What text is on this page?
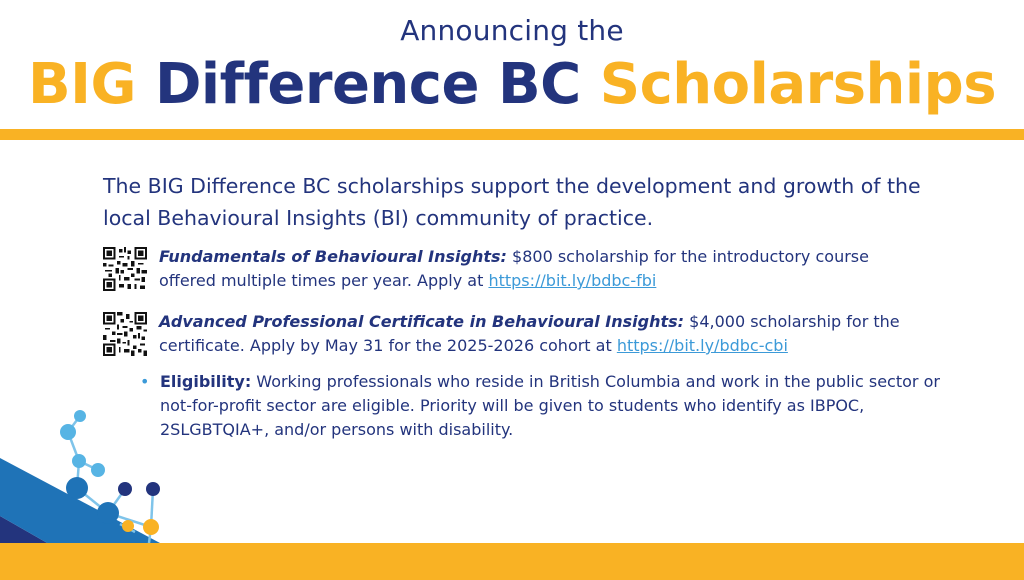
Announcing the
BIG Difference BC Scholarships
The BIG Difference BC scholarships support the development and growth of the local Behavioural Insights (BI) community of practice.
Fundamentals of Behavioural Insights: $800 scholarship for the introductory course offered multiple times per year. Apply at https://bit.ly/bdbc-fbi
Advanced Professional Certificate in Behavioural Insights: $4,000 scholarship for the certificate. Apply by May 31 for the 2025-2026 cohort at https://bit.ly/bdbc-cbi
• Eligibility: Working professionals who reside in British Columbia and work in the public sector or not-for-profit sector are eligible. Priority will be given to students who identify as IBPOC, 2SLGBTQIA+, and/or persons with disability.
